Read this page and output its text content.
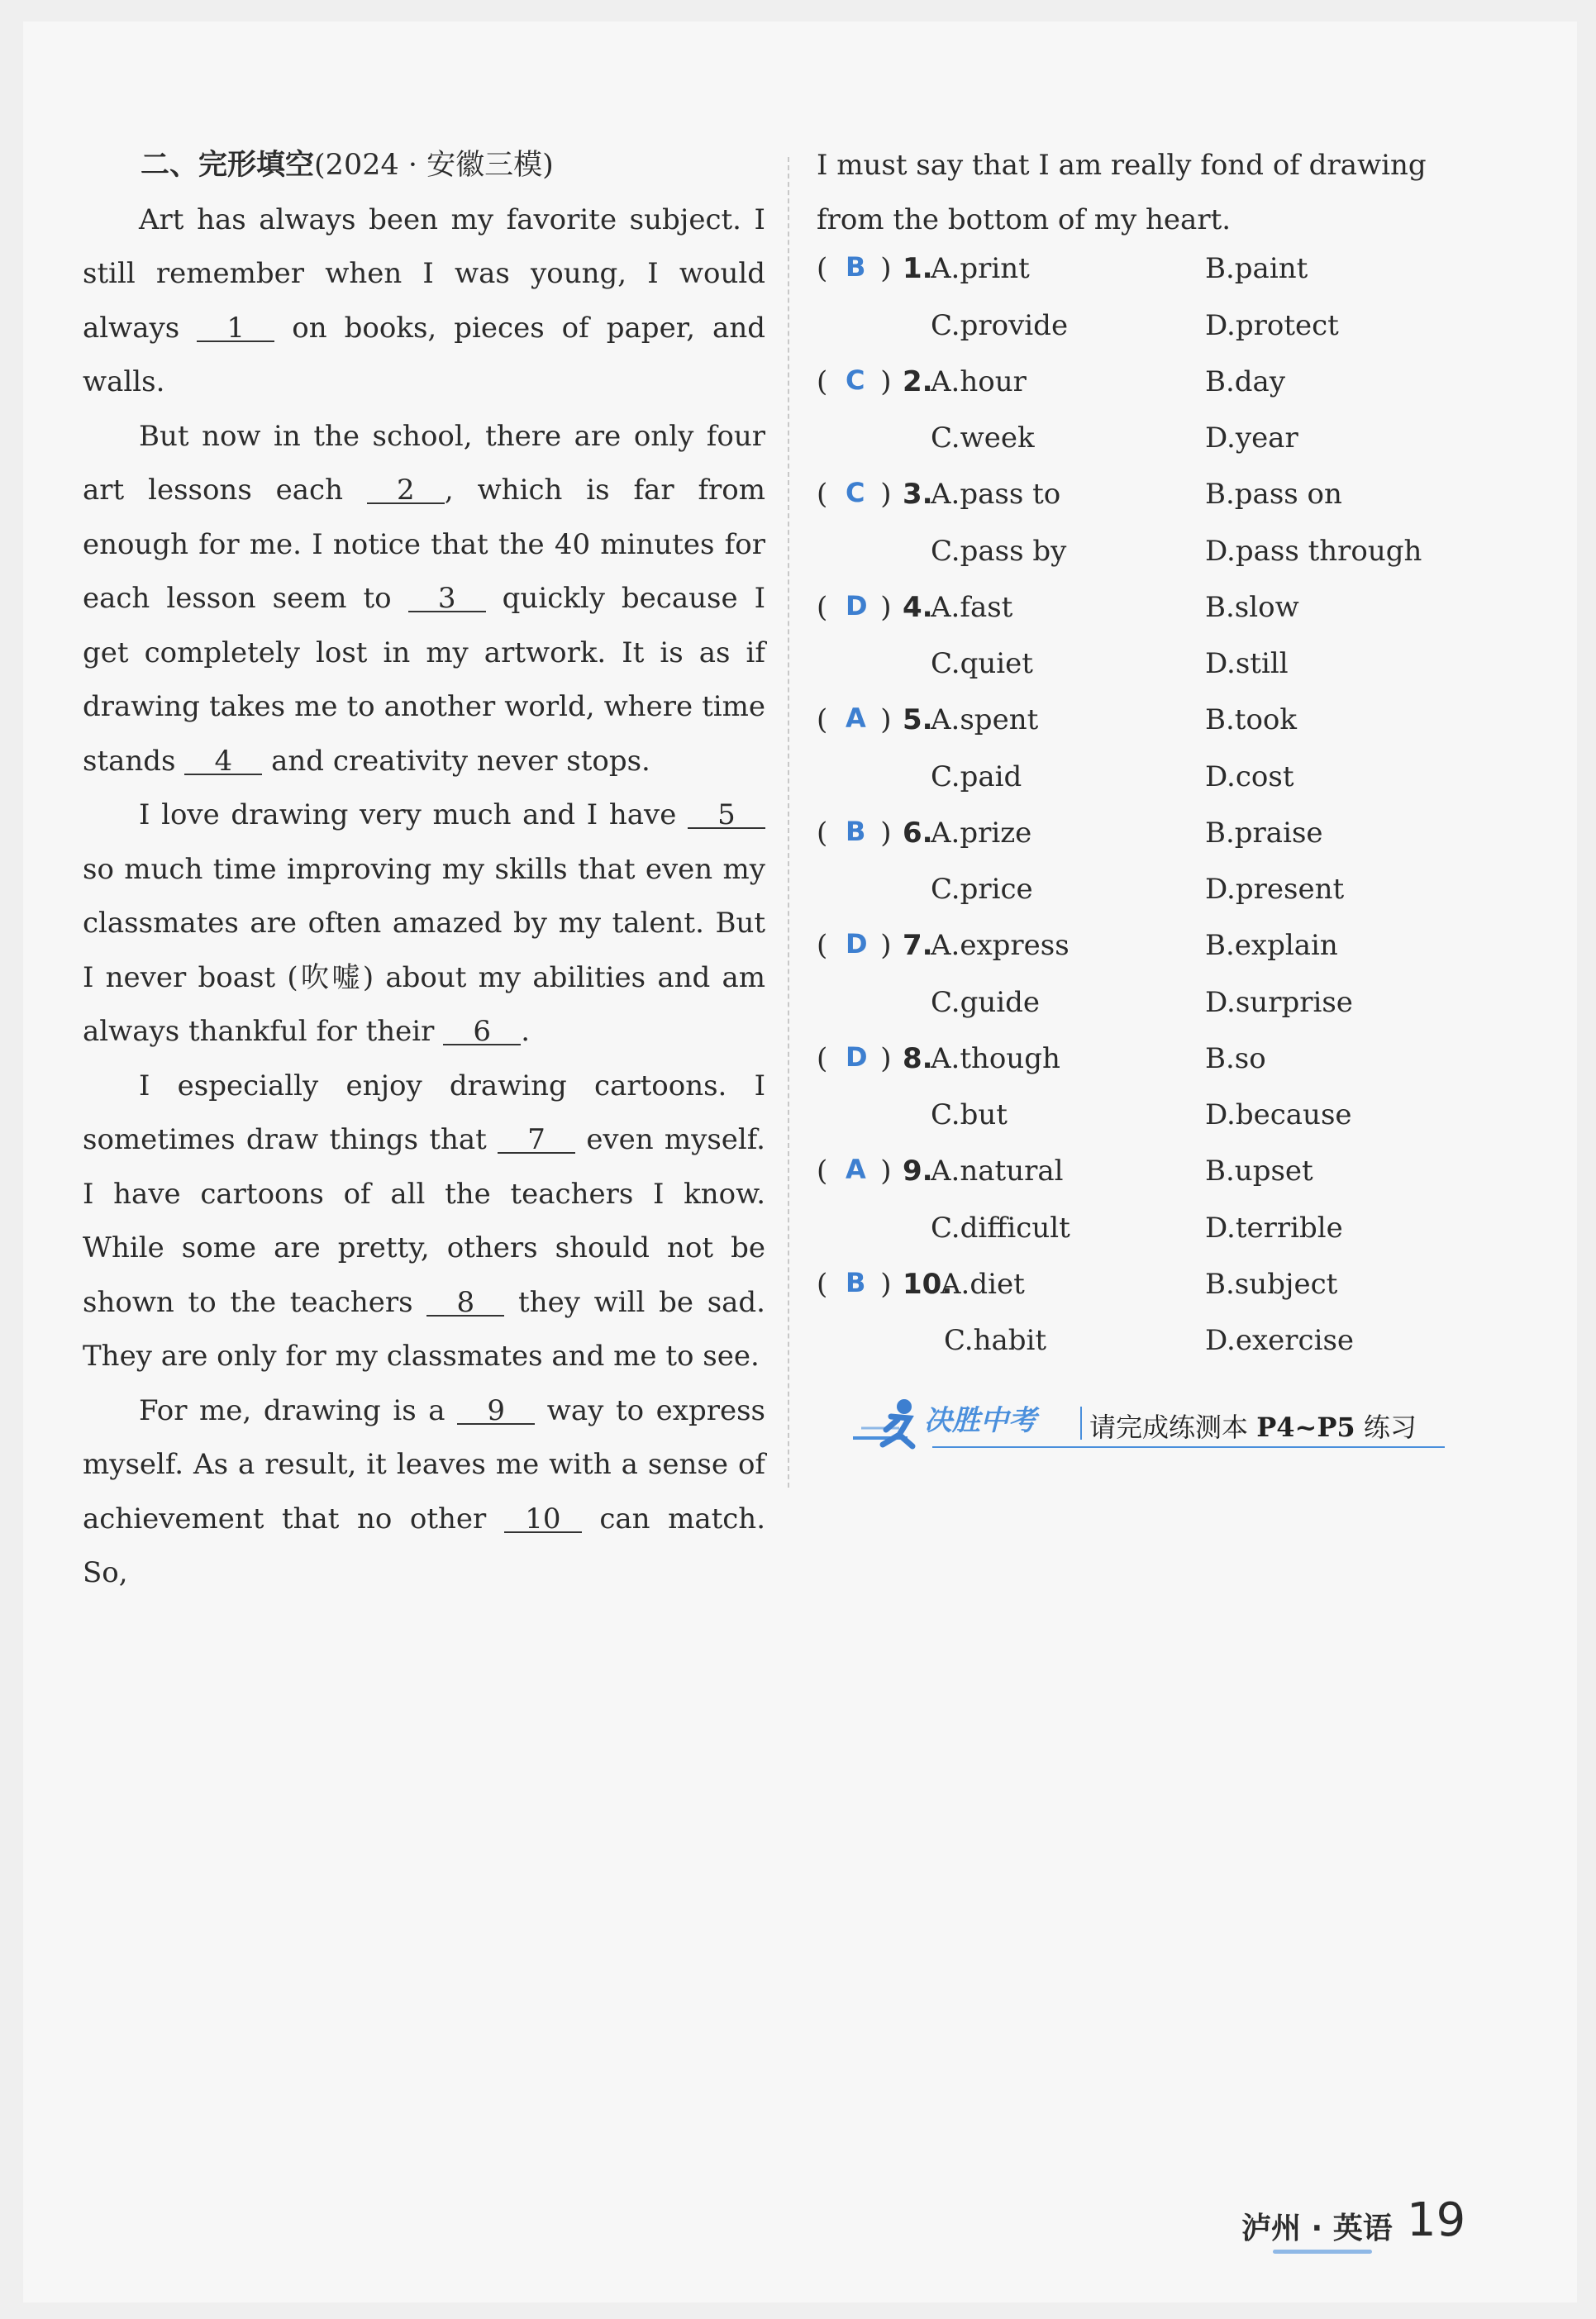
二、完形填空(2024 · 安徽三模)

Art has always been my favorite subject. I still remember when I was young, I would always 1 on books, pieces of paper, and walls.

But now in the school, there are only four art lessons each 2 , which is far from enough for me. I notice that the 40 minutes for each lesson seem to 3 quickly because I get completely lost in my artwork. It is as if drawing takes me to another world, where time stands 4 and creativity never stops.

I love drawing very much and I have 5 so much time improving my skills that even my classmates are often amazed by my talent. But I never boast (吹嘘) about my abilities and am always thankful for their 6 .

I especially enjoy drawing cartoons. I sometimes draw things that 7 even myself. I have cartoons of all the teachers I know. While some are pretty, others should not be shown to the teachers 8 they will be sad. They are only for my classmates and me to see.

For me, drawing is a 9 way to express myself. As a result, it leaves me with a sense of achievement that no other 10 can match. So,

I must say that I am really fond of drawing from the bottom of my heart.
( )
B 1.
A.print	B.paint
C.provide	D.protect
( )
C 2.
A.hour	B.day
C.week	D.year
( )
C 3.
A.pass to	B.pass on
C.pass by	D.pass through
( )
D 4.
A.fast	B.slow
C.quiet	D.still
( )
A 5.
A.spent	B.took
C.paid	D.cost
( )
B 6.
A.prize	B.praise
C.price	D.present
( )
D 7.
A.express	B.explain
C.guide	D.surprise
( )
D 8.
A.though	B.so
C.but	D.because
( )
A 9.
A.natural	B.upset
C.difficult	D.terrible
( )
B 10.
A.diet	B.subject
C.habit	D.exercise
决胜中考 请完成练测本 P4~P5 练习
泸州 · 英语 19
